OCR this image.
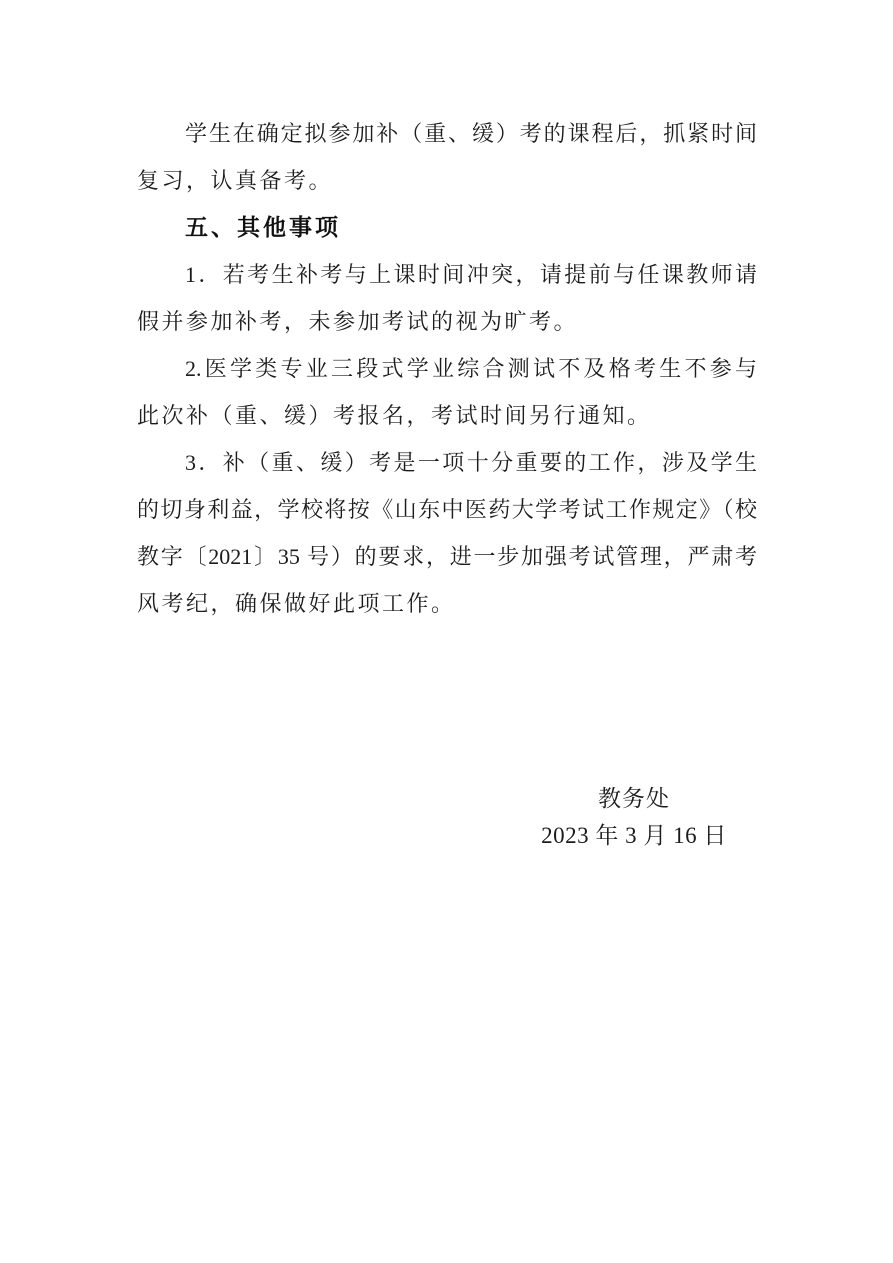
学生在确定拟参加补（重、缓）考的课程后，抓紧时间

复习，认真备考。

五、其他事项

1．若考生补考与上课时间冲突，请提前与任课教师请

假并参加补考，未参加考试的视为旷考。

2.医学类专业三段式学业综合测试不及格考生不参与

此次补（重、缓）考报名，考试时间另行通知。

3．补（重、缓）考是一项十分重要的工作，涉及学生

的切身利益，学校将按《山东中医药大学考试工作规定》（校

教字〔2021〕35 号）的要求，进一步加强考试管理，严肃考

风考纪，确保做好此项工作。

教务处

2023 年 3 月 16 日
